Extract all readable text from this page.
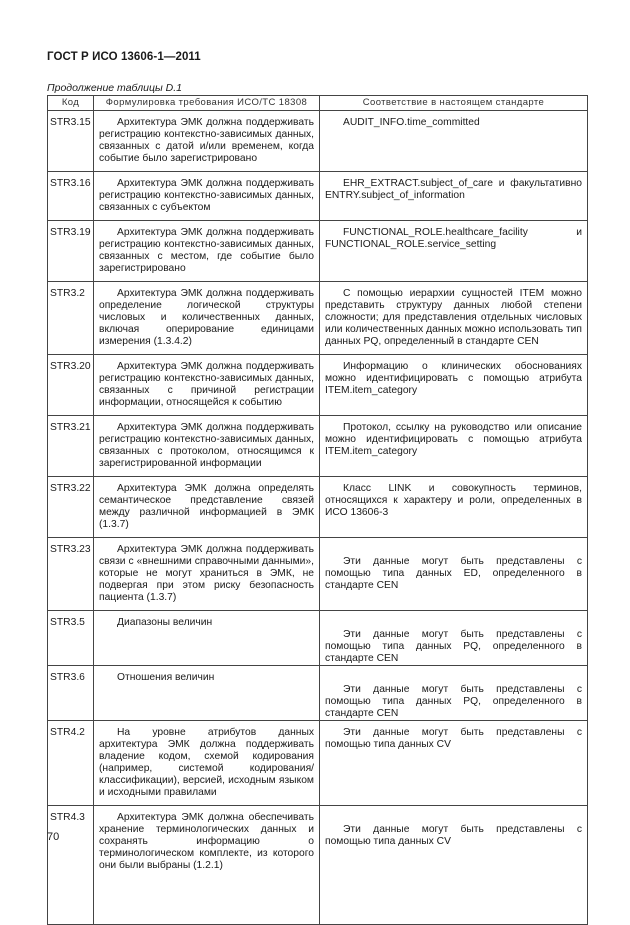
ГОСТ Р ИСО 13606-1—2011
Продолжение таблицы D.1
Код	Формулировка требования ИСО/ТС 18308	Соответствие в настоящем стандарте
STR3.15	Архитектура ЭМК должна поддерживать регистрацию контекстно-зависимых данных, связанных с датой и/или временем, когда событие было зарегистрировано	AUDIT_INFO.time_committed
STR3.16	Архитектура ЭМК должна поддерживать регистрацию контекстно-зависимых данных, связанных с субъектом	EHR_EXTRACT.subject_of_care и факультативно ENTRY.subject_of_information
STR3.19	Архитектура ЭМК должна поддерживать регистрацию контекстно-зависимых данных, связанных с местом, где событие было зарегистрировано	FUNCTIONAL_ROLE.healthcare_facility и FUNCTIONAL_ROLE.service_setting
STR3.2	Архитектура ЭМК должна поддерживать определение логической структуры числовых и количественных данных, включая оперирование единицами измерения (1.3.4.2)	С помощью иерархии сущностей ITEM можно представить структуру данных любой степени сложности; для представления отдельных числовых или количественных данных можно использовать тип данных PQ, определенный в стандарте CEN
STR3.20	Архитектура ЭМК должна поддерживать регистрацию контекстно-зависимых данных, связанных с причиной регистрации информации, относящейся к событию	Информацию о клинических обоснованиях можно идентифицировать с помощью атрибута ITEM.item_category
STR3.21	Архитектура ЭМК должна поддерживать регистрацию контекстно-зависимых данных, связанных с протоколом, относящимся к зарегистрированной информации	Протокол, ссылку на руководство или описание можно идентифицировать с помощью атрибута ITEM.item_category
STR3.22	Архитектура ЭМК должна определять семантическое представление связей между различной информацией в ЭМК (1.3.7)	Класс LINK и совокупность терминов, относящихся к характеру и роли, определенных в ИСО 13606-3
STR3.23	Архитектура ЭМК должна поддерживать связи с «внешними справочными данными», которые не могут храниться в ЭМК, не подвергая при этом риску безопасность пациента (1.3.7)	Эти данные могут быть представлены с помощью типа данных ED, определенного в стандарте CEN
STR3.5	Диапазоны величин	Эти данные могут быть представлены с помощью типа данных PQ, определенного в стандарте CEN
STR3.6	Отношения величин	Эти данные могут быть представлены с помощью типа данных PQ, определенного в стандарте CEN
STR4.2	На уровне атрибутов данных архитектура ЭМК должна поддерживать владение кодом, схемой кодирования (например, системой кодирования/классификации), версией, исходным языком и исходными правилами	Эти данные могут быть представлены с помощью типа данных CV
STR4.3	Архитектура ЭМК должна обеспечивать хранение терминологических данных и сохранять информацию о терминологическом комплекте, из которого они были выбраны (1.2.1)	Эти данные могут быть представлены с помощью типа данных CV
70
